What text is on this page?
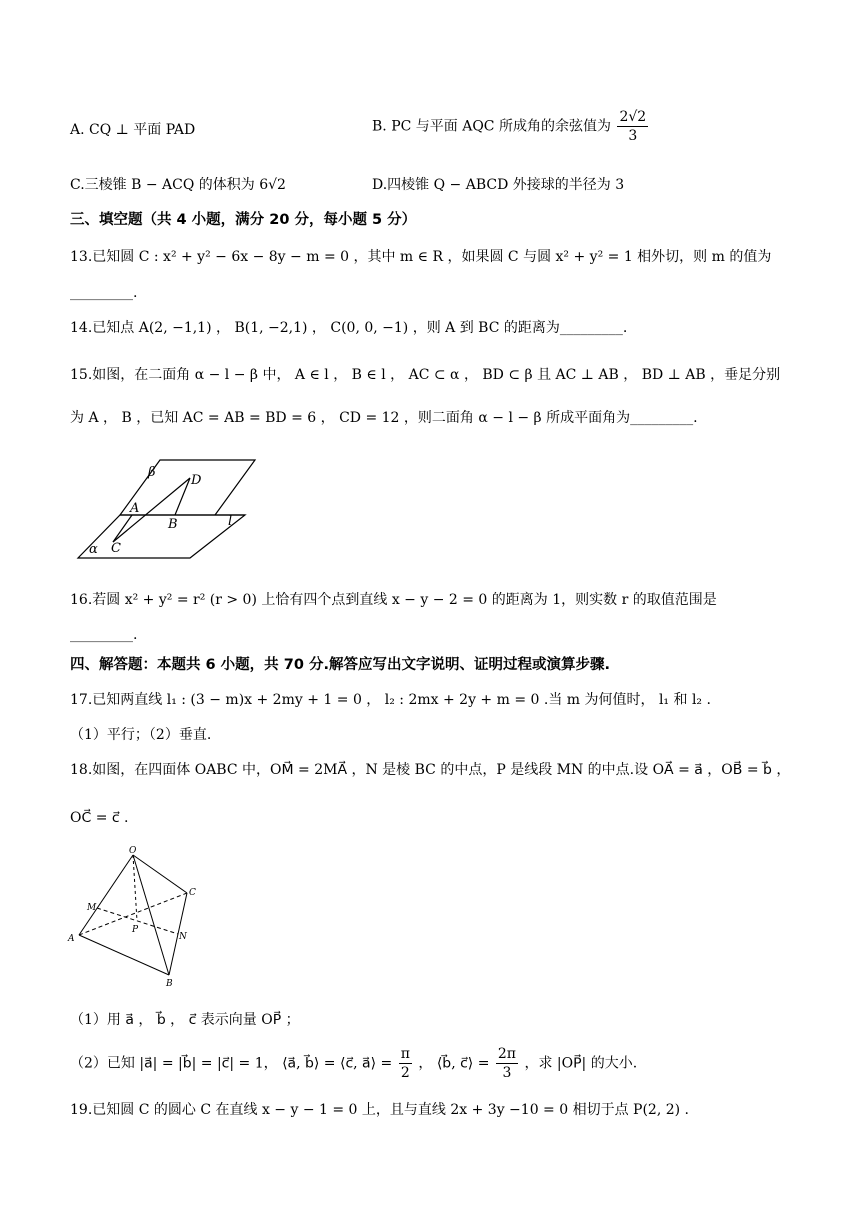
A. CQ ⊥ 平面 PAD	B. PC 与平面 AQC 所成角的余弦值为 $\frac{2√2}{3}$
C.三棱锥 B − ACQ 的体积为 6√2	D.四棱锥 Q − ABCD 外接球的半径为 3
三、填空题（共 4 小题，满分 20 分，每小题 5 分）
13.已知圆 C : x² + y² − 6x − 8y − m = 0 ，其中 m ∈ R ，如果圆 C 与圆 x² + y² = 1 相外切，则 m 的值为
_________.
14.已知点 A(2, −1,1) ， B(1, −2,1) ， C(0, 0, −1) ，则 A 到 BC 的距离为_________.
15.如图，在二面角 α − l − β 中， A ∈ l ， B ∈ l ， AC ⊂ α ， BD ⊂ β 且 AC ⊥ AB ， BD ⊥ AB ，垂足分别
为 A ， B ，已知 AC = AB = BD = 6 ， CD = 12 ，则二面角 α − l − β 所成平面角为_________.
β
D
A
B	l
α C
16.若圆 x² + y² = r² (r > 0) 上恰有四个点到直线 x − y − 2 = 0 的距离为 1，则实数 r 的取值范围是
_________.
四、解答题：本题共 6 小题，共 70 分.解答应写出文字说明、证明过程或演算步骤.
17.已知两直线 l₁ : (3 − m)x + 2my + 1 = 0 ， l₂ : 2mx + 2y + m = 0 .当 m 为何值时， l₁ 和 l₂ .
（1）平行；（2）垂直.
18.如图，在四面体 OABC 中，OM⃗ = 2MA⃗ ，N 是棱 BC 的中点，P 是线段 MN 的中点.设 OA⃗ = a⃗ ，OB⃗ = b⃗ ，
OC⃗ = c⃗ .
O
M
C
P
A	N
B
（1）用 a⃗ ， b⃗ ， c⃗ 表示向量 OP⃗ ；
（2）已知 |a⃗| = |b⃗| = |c⃗| = 1， ⟨a⃗, b⃗⟩ = ⟨c⃗, a⃗⟩ = $\frac{\pi}{2}$ ， ⟨b⃗, c⃗⟩ = $\frac{2\pi}{3}$ ，求 |OP⃗| 的大小.
19.已知圆 C 的圆心 C 在直线 x − y − 1 = 0 上，且与直线 2x + 3y −10 = 0 相切于点 P(2, 2) .
